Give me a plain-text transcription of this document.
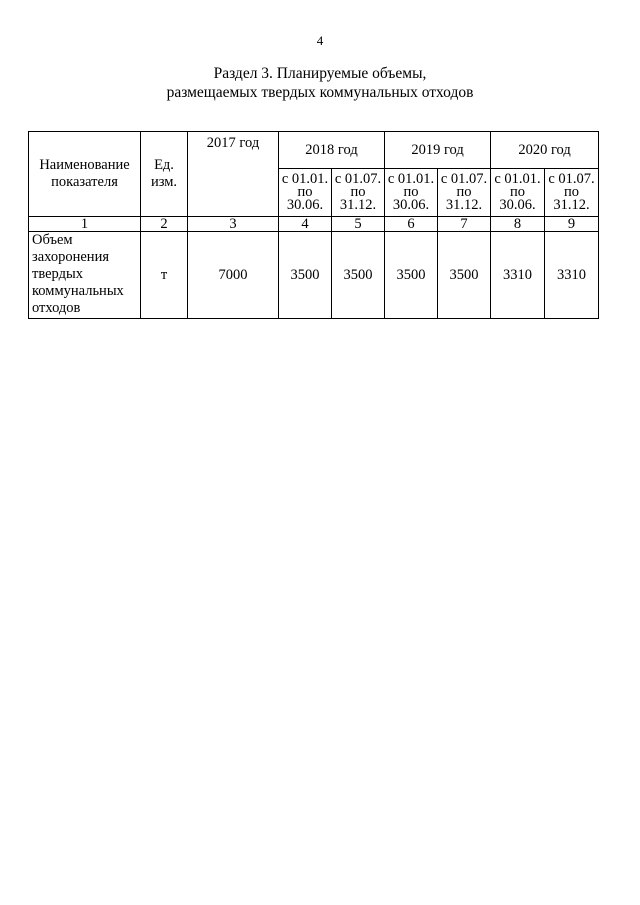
4
Раздел 3. Планируемые объемы,
размещаемых твердых коммунальных отходов
Наименование показателя	Ед. изм.	2017 год	2018 год		2019 год		2020 год	
			с 01.01. по 30.06.	с 01.07. по 31.12.	с 01.01. по 30.06.	с 01.07. по 31.12.	с 01.01. по 30.06.	с 01.07. по 31.12.
1	2	3	4	5	6	7	8	9
Объем захоронения твердых коммунальных отходов	т	7000	3500	3500	3500	3500	3310	3310
